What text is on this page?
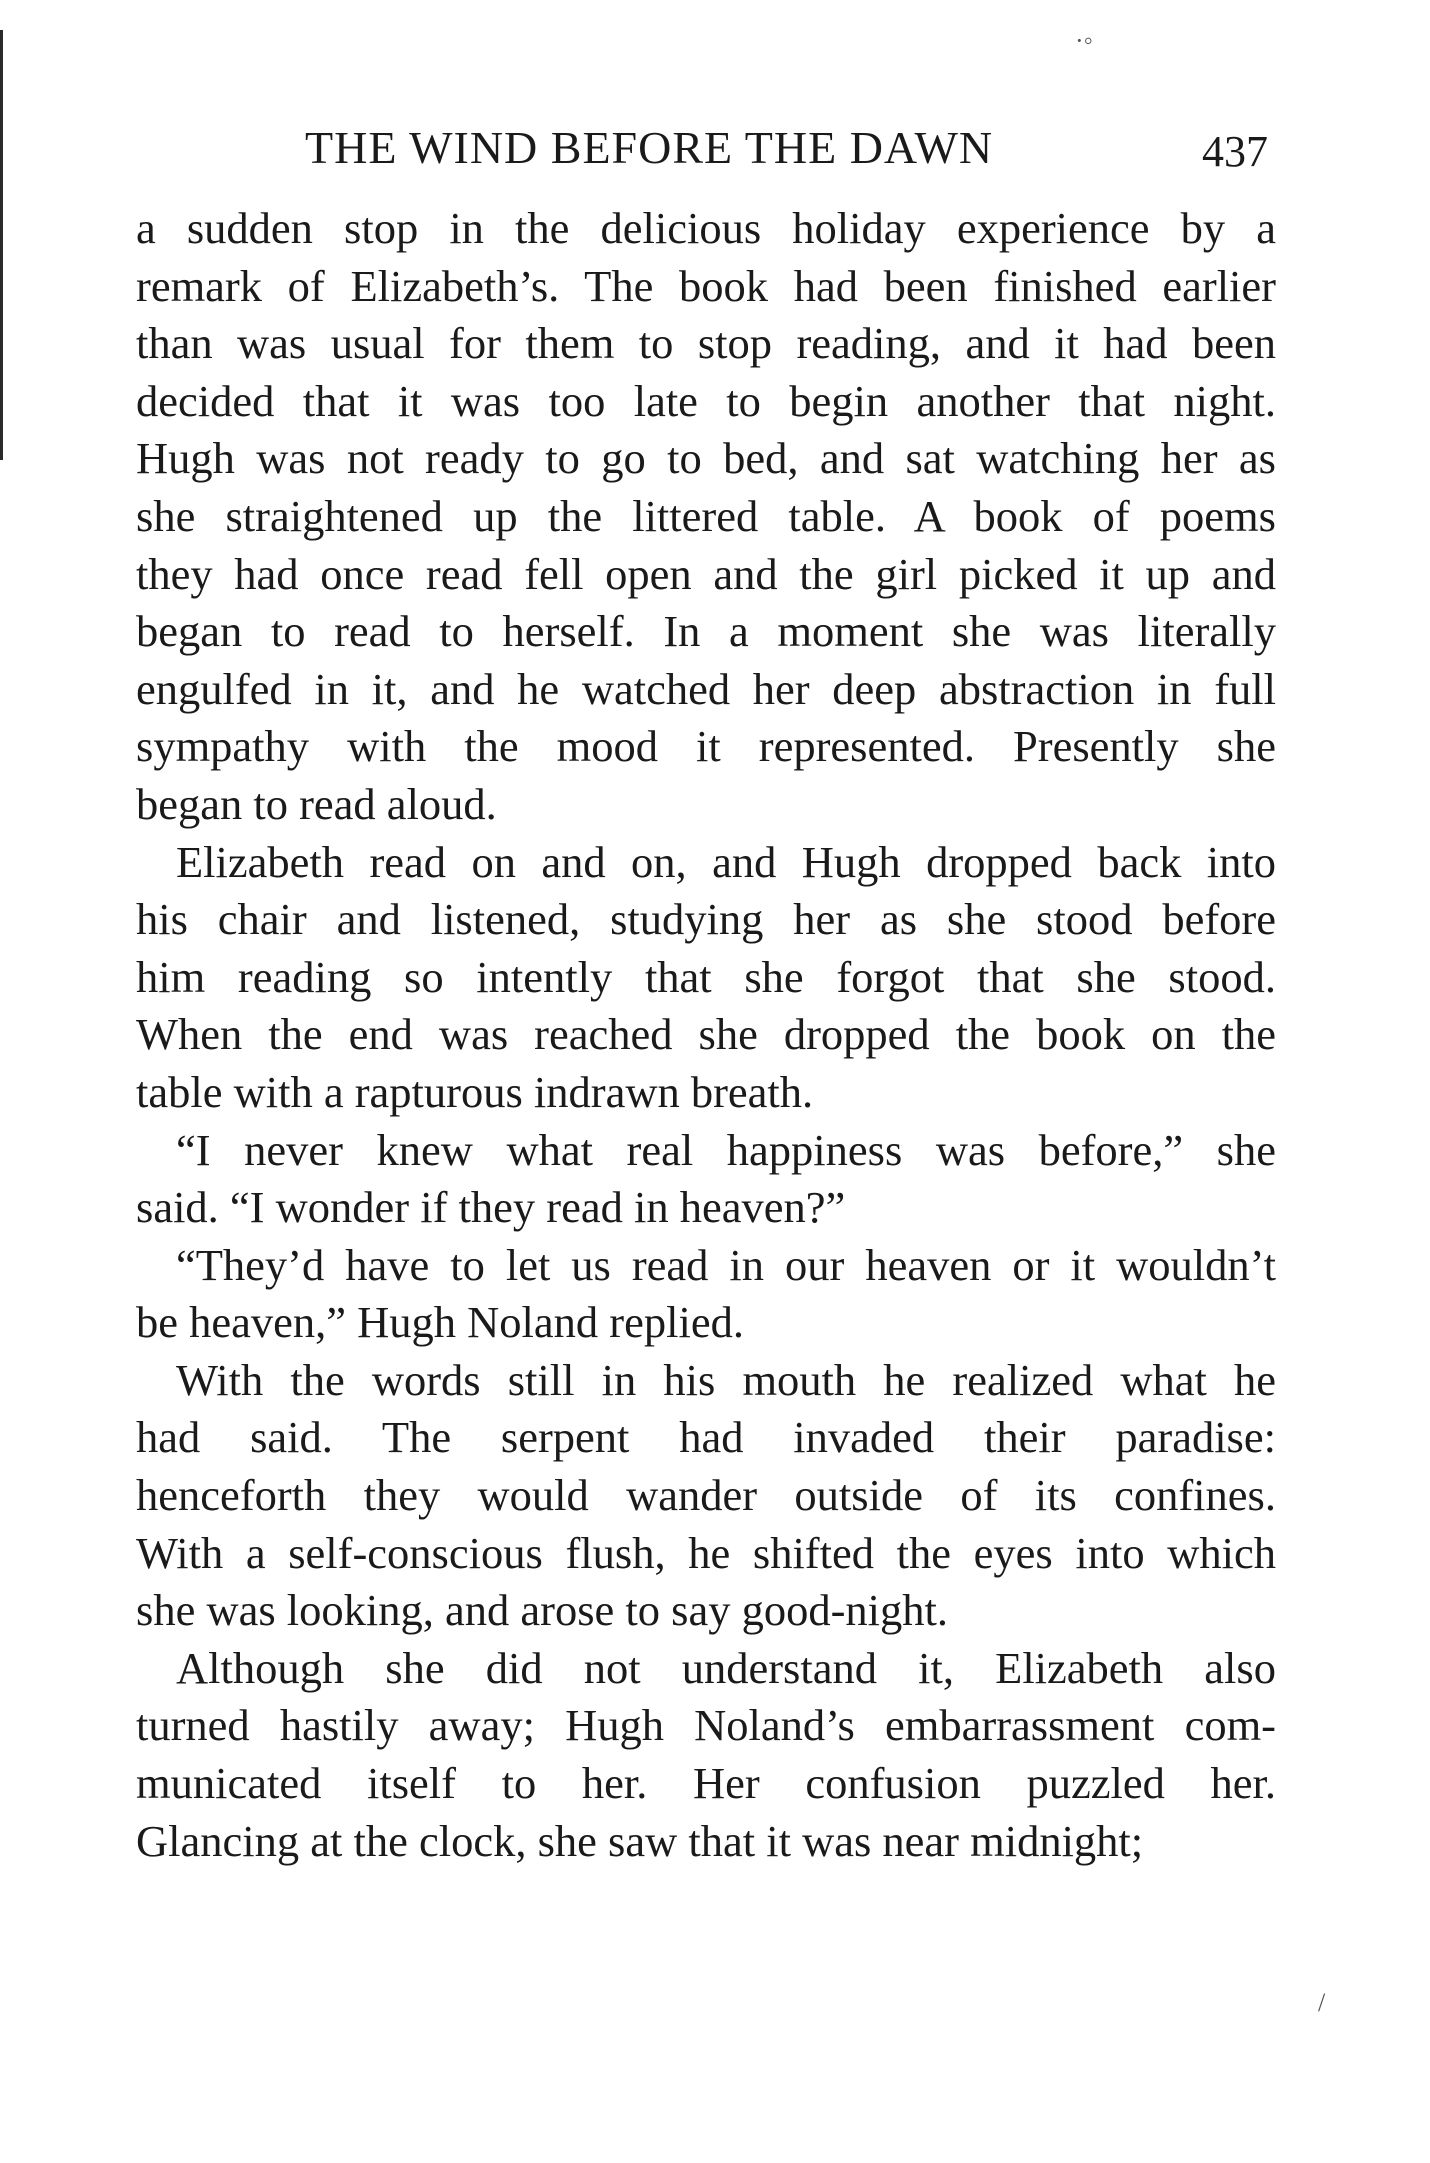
·◦
/
THE WIND BEFORE THE DAWN	437
a sudden stop in the delicious holiday experience by a
remark of Elizabeth’s. The book had been finished earlier
than was usual for them to stop reading, and it had been
decided that it was too late to begin another that night.
Hugh was not ready to go to bed, and sat watching her as
she straightened up the littered table. A book of poems
they had once read fell open and the girl picked it up and
began to read to herself. In a moment she was literally
engulfed in it, and he watched her deep abstraction in full
sympathy with the mood it represented. Presently she
began to read aloud.
Elizabeth read on and on, and Hugh dropped back into
his chair and listened, studying her as she stood before
him reading so intently that she forgot that she stood.
When the end was reached she dropped the book on the
table with a rapturous indrawn breath.
“I never knew what real happiness was before,” she
said. “I wonder if they read in heaven?”
“They’d have to let us read in our heaven or it wouldn’t
be heaven,” Hugh Noland replied.
With the words still in his mouth he realized what he
had said. The serpent had invaded their paradise:
henceforth they would wander outside of its confines.
With a self-conscious flush, he shifted the eyes into which
she was looking, and arose to say good-night.
Although she did not understand it, Elizabeth also
turned hastily away; Hugh Noland’s embarrassment com-
municated itself to her. Her confusion puzzled her.
Glancing at the clock, she saw that it was near midnight;
